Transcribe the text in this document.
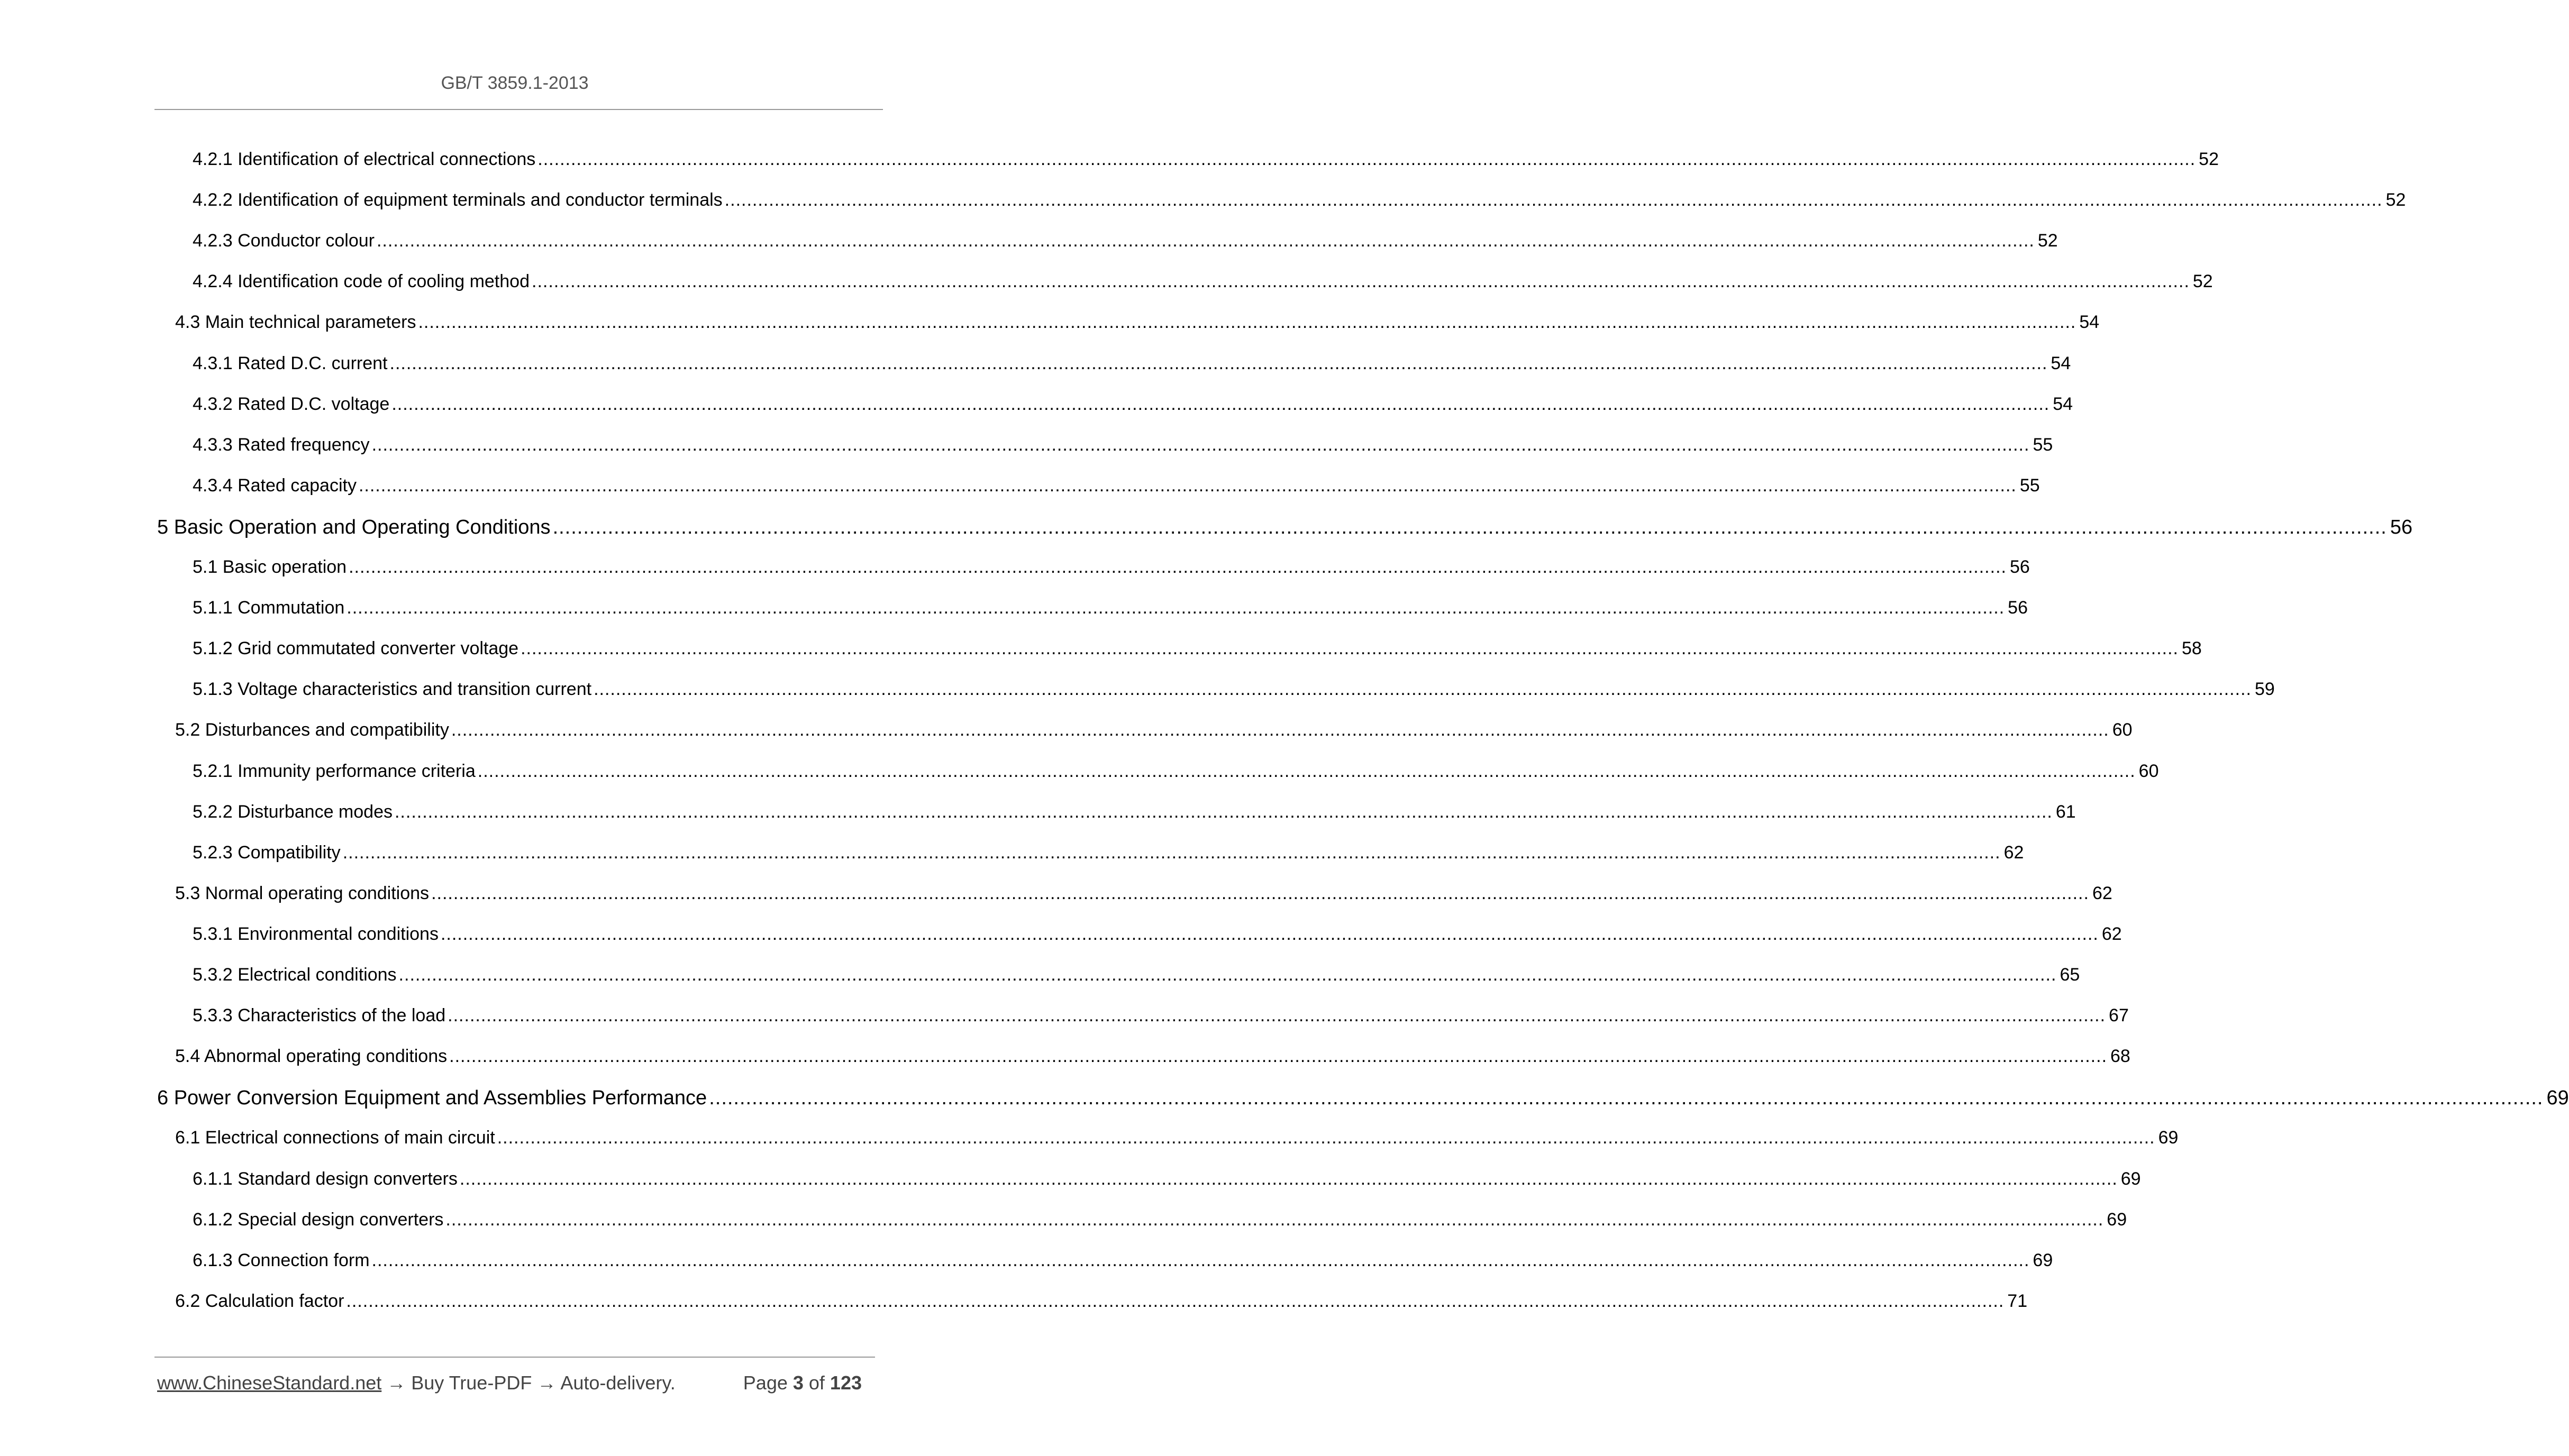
GB/T 3859.1-2013
4.2.1 Identification of electrical connections ............................................................................................................................................................................................................................................................................................................ 52
4.2.2 Identification of equipment terminals and conductor terminals ............................................................................................................................................................................................................................................................................................................ 52
4.2.3 Conductor colour ............................................................................................................................................................................................................................................................................................................ 52
4.2.4 Identification code of cooling method ............................................................................................................................................................................................................................................................................................................ 52
4.3 Main technical parameters ............................................................................................................................................................................................................................................................................................................ 54
4.3.1 Rated D.C. current ............................................................................................................................................................................................................................................................................................................ 54
4.3.2 Rated D.C. voltage ............................................................................................................................................................................................................................................................................................................ 54
4.3.3 Rated frequency ............................................................................................................................................................................................................................................................................................................ 55
4.3.4 Rated capacity ............................................................................................................................................................................................................................................................................................................ 55
5 Basic Operation and Operating Conditions ............................................................................................................................................................................................................................................................................................................ 56
5.1 Basic operation ............................................................................................................................................................................................................................................................................................................ 56
5.1.1 Commutation ............................................................................................................................................................................................................................................................................................................ 56
5.1.2 Grid commutated converter voltage ............................................................................................................................................................................................................................................................................................................ 58
5.1.3 Voltage characteristics and transition current ............................................................................................................................................................................................................................................................................................................ 59
5.2 Disturbances and compatibility ............................................................................................................................................................................................................................................................................................................ 60
5.2.1 Immunity performance criteria ............................................................................................................................................................................................................................................................................................................ 60
5.2.2 Disturbance modes ............................................................................................................................................................................................................................................................................................................ 61
5.2.3 Compatibility ............................................................................................................................................................................................................................................................................................................ 62
5.3 Normal operating conditions ............................................................................................................................................................................................................................................................................................................ 62
5.3.1 Environmental conditions ............................................................................................................................................................................................................................................................................................................ 62
5.3.2 Electrical conditions ............................................................................................................................................................................................................................................................................................................ 65
5.3.3 Characteristics of the load ............................................................................................................................................................................................................................................................................................................ 67
5.4 Abnormal operating conditions ............................................................................................................................................................................................................................................................................................................ 68
6 Power Conversion Equipment and Assemblies Performance ............................................................................................................................................................................................................................................................................................................ 69
6.1 Electrical connections of main circuit ............................................................................................................................................................................................................................................................................................................ 69
6.1.1 Standard design converters ............................................................................................................................................................................................................................................................................................................ 69
6.1.2 Special design converters ............................................................................................................................................................................................................................................................................................................ 69
6.1.3 Connection form ............................................................................................................................................................................................................................................................................................................ 69
6.2 Calculation factor ............................................................................................................................................................................................................................................................................................................ 71
www.ChineseStandard.net → Buy True-PDF → Auto-delivery.	Page 3 of 123
